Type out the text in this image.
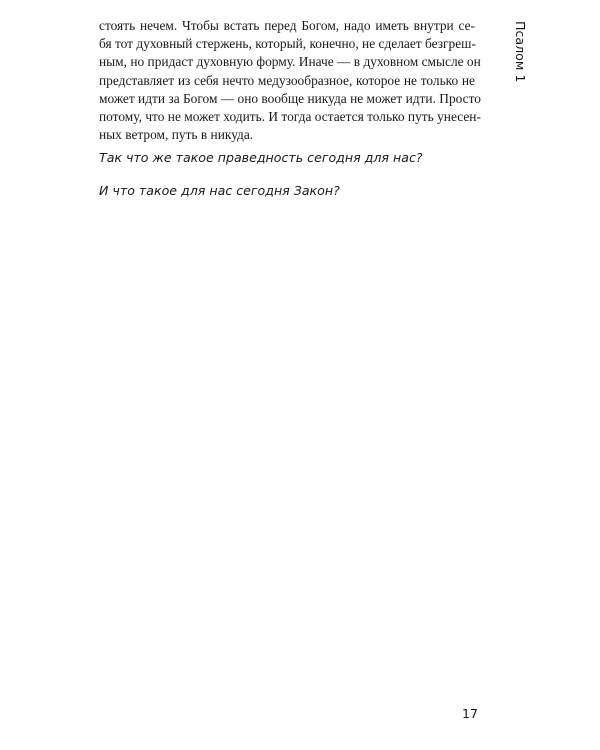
стоять нечем. Чтобы встать перед Богом, надо иметь внутри се-
бя тот духовный стержень, который, конечно, не сделает безгреш-
ным, но придаст духовную форму. Иначе — в духовном смысле он
представляет из себя нечто медузообразное, которое не только не
может идти за Богом — оно вообще никуда не может идти. Просто
потому, что не может ходить. И тогда остается только путь унесен-
ных ветром, путь в никуда.

Так что же такое праведность сегодня для нас?

И что такое для нас сегодня Закон?

Псалом 1

17
